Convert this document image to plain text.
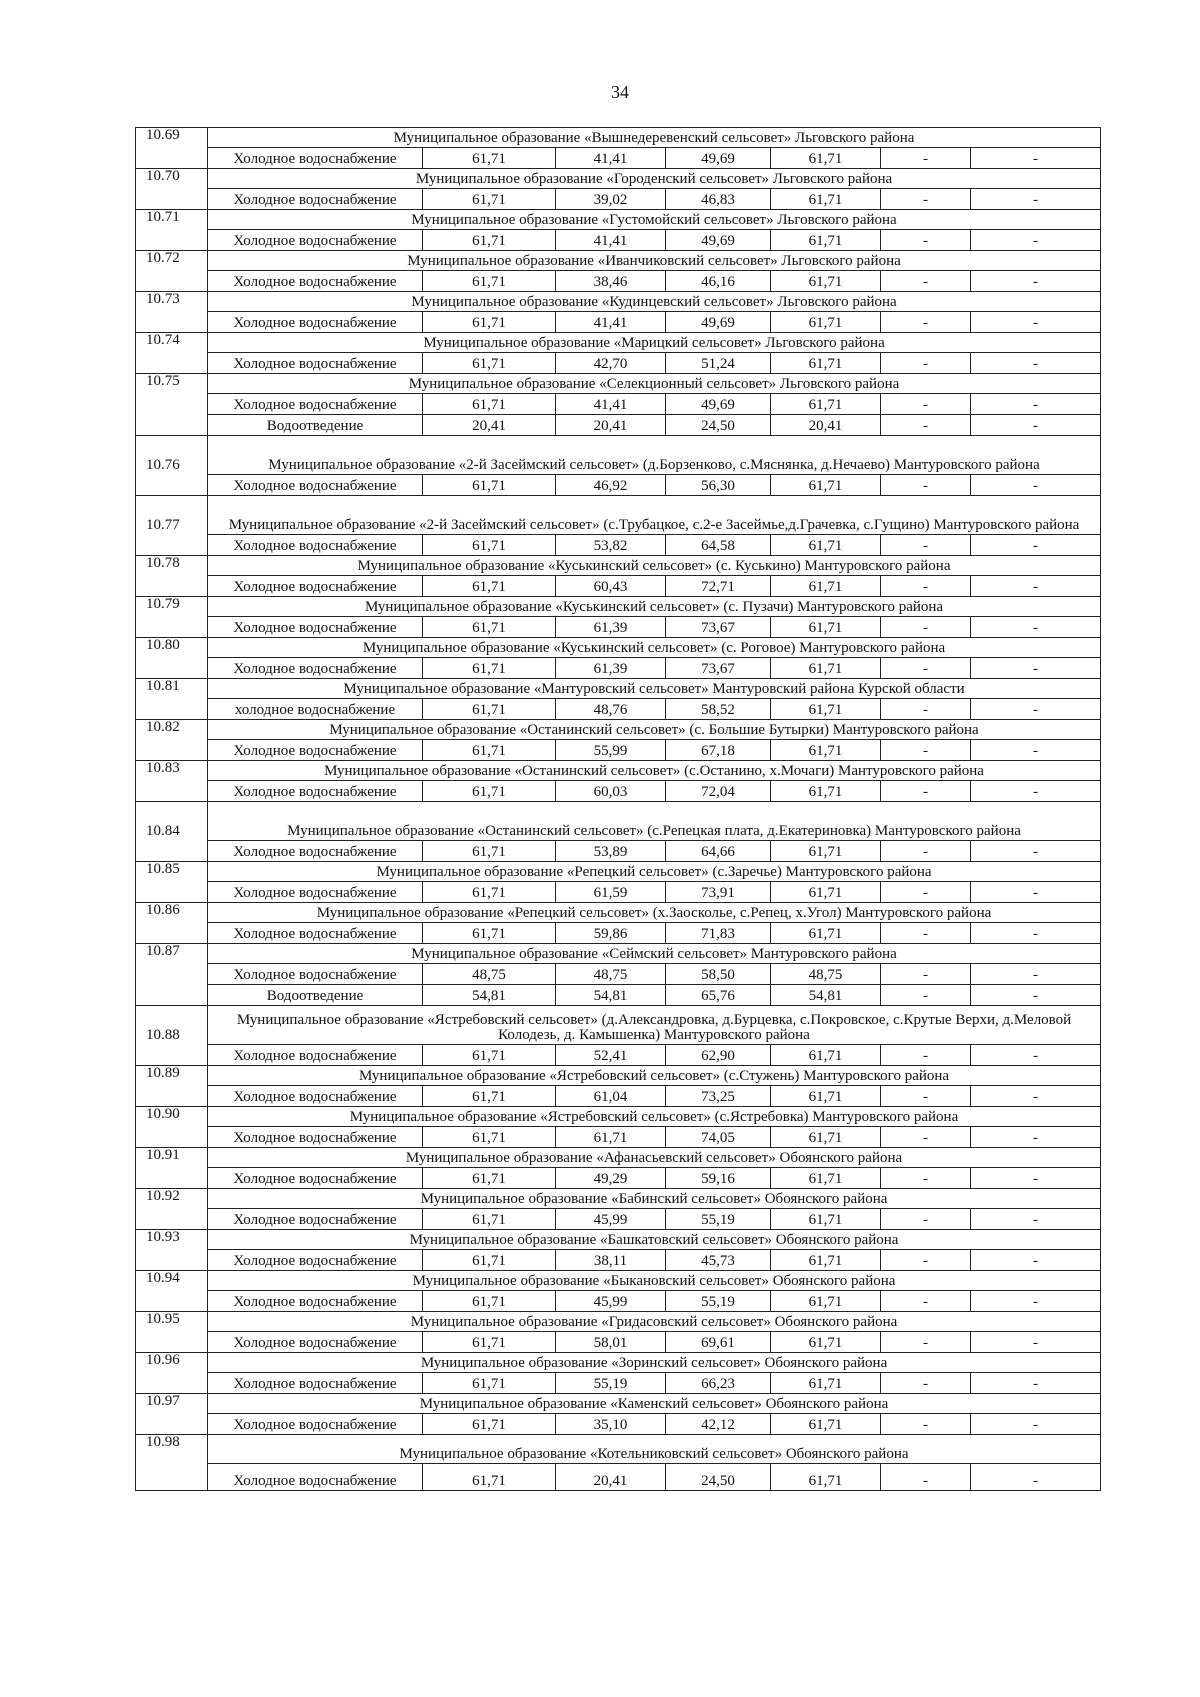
34
10.69	Муниципальное образование «Вышнедеревенский сельсовет» Льговского района						
	Холодное водоснабжение	61,71	41,41	49,69	61,71	-	-
10.70	Муниципальное образование «Городенский сельсовет» Льговского района						
	Холодное водоснабжение	61,71	39,02	46,83	61,71	-	-
10.71	Муниципальное образование «Густомойский сельсовет» Льговского района						
	Холодное водоснабжение	61,71	41,41	49,69	61,71	-	-
10.72	Муниципальное образование «Иванчиковский сельсовет» Льговского района						
	Холодное водоснабжение	61,71	38,46	46,16	61,71	-	-
10.73	Муниципальное образование «Кудинцевский сельсовет» Льговского района						
	Холодное водоснабжение	61,71	41,41	49,69	61,71	-	-
10.74	Муниципальное образование «Марицкий сельсовет» Льговского района						
	Холодное водоснабжение	61,71	42,70	51,24	61,71	-	-
10.75	Муниципальное образование «Селекционный сельсовет» Льговского района						
	Холодное водоснабжение	61,71	41,41	49,69	61,71	-	-
	Водоотведение	20,41	20,41	24,50	20,41	-	-
10.76	Муниципальное образование «2-й Засеймский сельсовет» (д.Борзенково, с.Мяснянка, д.Нечаево) Мантуровского района						
	Холодное водоснабжение	61,71	46,92	56,30	61,71	-	-
10.77	Муниципальное образование «2-й Засеймский сельсовет» (с.Трубацкое, с.2-е Засеймье,д.Грачевка, с.Гущино) Мантуровского района						
	Холодное водоснабжение	61,71	53,82	64,58	61,71	-	-
10.78	Муниципальное образование «Куськинский сельсовет» (с. Куськино) Мантуровского района						
	Холодное водоснабжение	61,71	60,43	72,71	61,71	-	-
10.79	Муниципальное образование «Куськинский сельсовет» (с. Пузачи) Мантуровского района						
	Холодное водоснабжение	61,71	61,39	73,67	61,71	-	-
10.80	Муниципальное образование «Куськинский сельсовет» (с. Роговое) Мантуровского района						
	Холодное водоснабжение	61,71	61,39	73,67	61,71	-	-
10.81	Муниципальное образование «Мантуровский сельсовет» Мантуровский района Курской области						
	холодное водоснабжение	61,71	48,76	58,52	61,71	-	-
10.82	Муниципальное образование «Останинский сельсовет» (с. Большие Бутырки) Мантуровского района						
	Холодное водоснабжение	61,71	55,99	67,18	61,71	-	-
10.83	Муниципальное образование «Останинский сельсовет» (с.Останино, х.Мочаги) Мантуровского района						
	Холодное водоснабжение	61,71	60,03	72,04	61,71	-	-
10.84	Муниципальное образование «Останинский сельсовет» (с.Репецкая плата, д.Екатериновка) Мантуровского района						
	Холодное водоснабжение	61,71	53,89	64,66	61,71	-	-
10.85	Муниципальное образование «Репецкий сельсовет» (с.Заречье) Мантуровского района						
	Холодное водоснабжение	61,71	61,59	73,91	61,71	-	-
10.86	Муниципальное образование «Репецкий сельсовет» (х.Заосколье, с.Репец, х.Угол) Мантуровского района						
	Холодное водоснабжение	61,71	59,86	71,83	61,71	-	-
10.87	Муниципальное образование «Сеймский сельсовет» Мантуровского района						
	Холодное водоснабжение	48,75	48,75	58,50	48,75	-	-
	Водоотведение	54,81	54,81	65,76	54,81	-	-
10.88	Муниципальное образование «Ястребовский сельсовет» (д.Александровка, д.Бурцевка, с.Покровское, с.Крутые Верхи, д.Меловой Колодезь, д. Камышенка) Мантуровского района						
	Холодное водоснабжение	61,71	52,41	62,90	61,71	-	-
10.89	Муниципальное образование «Ястребовский сельсовет» (с.Стужень) Мантуровского района						
	Холодное водоснабжение	61,71	61,04	73,25	61,71	-	-
10.90	Муниципальное образование «Ястребовский сельсовет» (с.Ястребовка) Мантуровского района						
	Холодное водоснабжение	61,71	61,71	74,05	61,71	-	-
10.91	Муниципальное образование «Афанасьевский сельсовет» Обоянского района						
	Холодное водоснабжение	61,71	49,29	59,16	61,71	-	-
10.92	Муниципальное образование «Бабинский сельсовет» Обоянского района						
	Холодное водоснабжение	61,71	45,99	55,19	61,71	-	-
10.93	Муниципальное образование «Башкатовский сельсовет» Обоянского района						
	Холодное водоснабжение	61,71	38,11	45,73	61,71	-	-
10.94	Муниципальное образование «Быкановский сельсовет» Обоянского района						
	Холодное водоснабжение	61,71	45,99	55,19	61,71	-	-
10.95	Муниципальное образование «Гридасовский сельсовет» Обоянского района						
	Холодное водоснабжение	61,71	58,01	69,61	61,71	-	-
10.96	Муниципальное образование «Зоринский сельсовет» Обоянского района						
	Холодное водоснабжение	61,71	55,19	66,23	61,71	-	-
10.97	Муниципальное образование «Каменский сельсовет» Обоянского района						
	Холодное водоснабжение	61,71	35,10	42,12	61,71	-	-
10.98	Муниципальное образование «Котельниковский сельсовет» Обоянского района						
	Холодное водоснабжение	61,71	20,41	24,50	61,71	-	-
